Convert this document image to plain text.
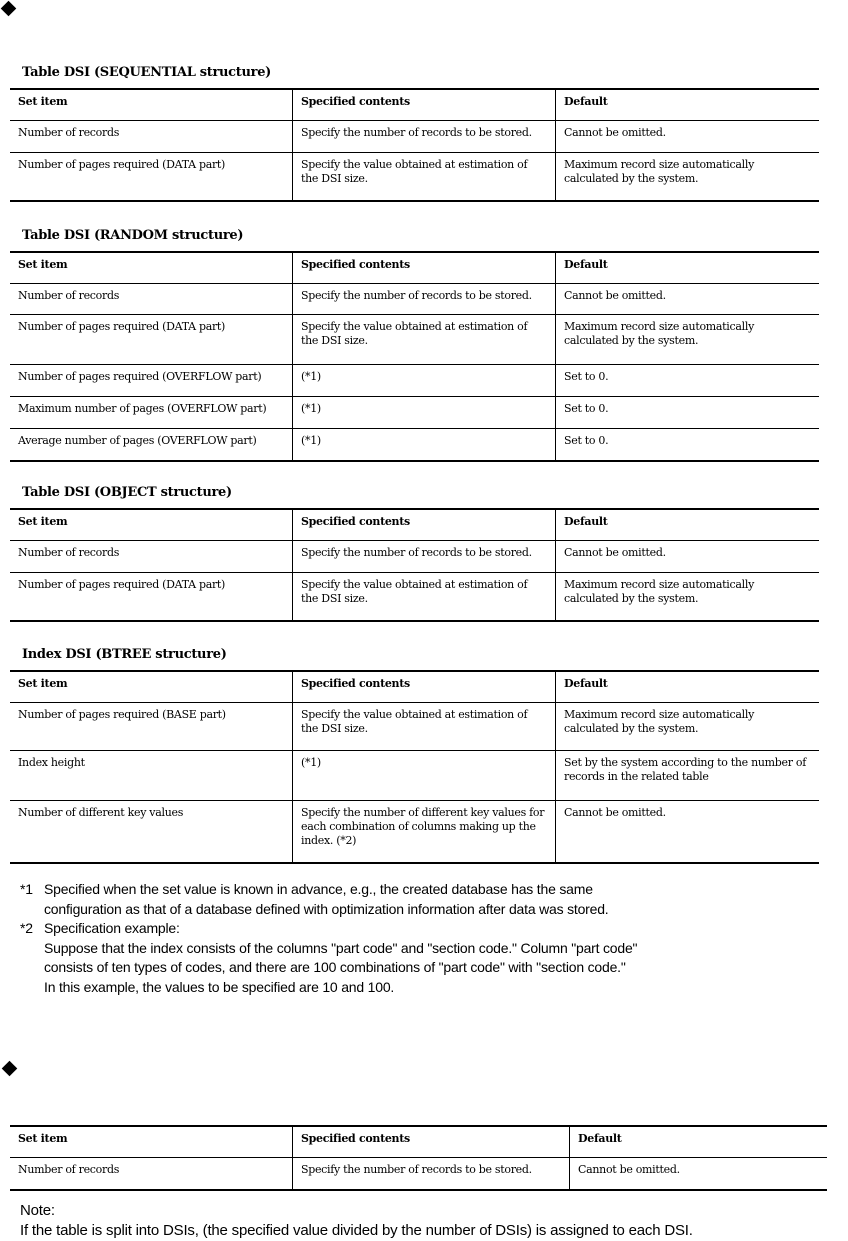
Table DSI (SEQUENTIAL structure)
Set item	Specified contents	Default
Number of records	Specify the number of records to be stored.	Cannot be omitted.
Number of pages required (DATA part)	Specify the value obtained at estimation of the DSI size.	Maximum record size automatically calculated by the system.
Table DSI (RANDOM structure)
Set item	Specified contents	Default
Number of records	Specify the number of records to be stored.	Cannot be omitted.
Number of pages required (DATA part)	Specify the value obtained at estimation of the DSI size.	Maximum record size automatically calculated by the system.
Number of pages required (OVERFLOW part)	(*1)	Set to 0.
Maximum number of pages (OVERFLOW part)	(*1)	Set to 0.
Average number of pages (OVERFLOW part)	(*1)	Set to 0.
Table DSI (OBJECT structure)
Set item	Specified contents	Default
Number of records	Specify the number of records to be stored.	Cannot be omitted.
Number of pages required (DATA part)	Specify the value obtained at estimation of the DSI size.	Maximum record size automatically calculated by the system.
Index DSI (BTREE structure)
Set item	Specified contents	Default
Number of pages required (BASE part)	Specify the value obtained at estimation of the DSI size.	Maximum record size automatically calculated by the system.
Index height	(*1)	Set by the system according to the number of records in the related table
Number of different key values	Specify the number of different key values for each combination of columns making up the index. (*2)	Cannot be omitted.
*1 Specified when the set value is known in advance, e.g., the created database has the same
configuration as that of a database defined with optimization information after data was stored.
*2 Specification example:
Suppose that the index consists of the columns "part code" and "section code." Column "part code"
consists of ten types of codes, and there are 100 combinations of "part code" with "section code."
In this example, the values to be specified are 10 and 100.
Set item	Specified contents	Default
Number of records	Specify the number of records to be stored.	Cannot be omitted.
Note:
If the table is split into DSIs, (the specified value divided by the number of DSIs) is assigned to each DSI.
